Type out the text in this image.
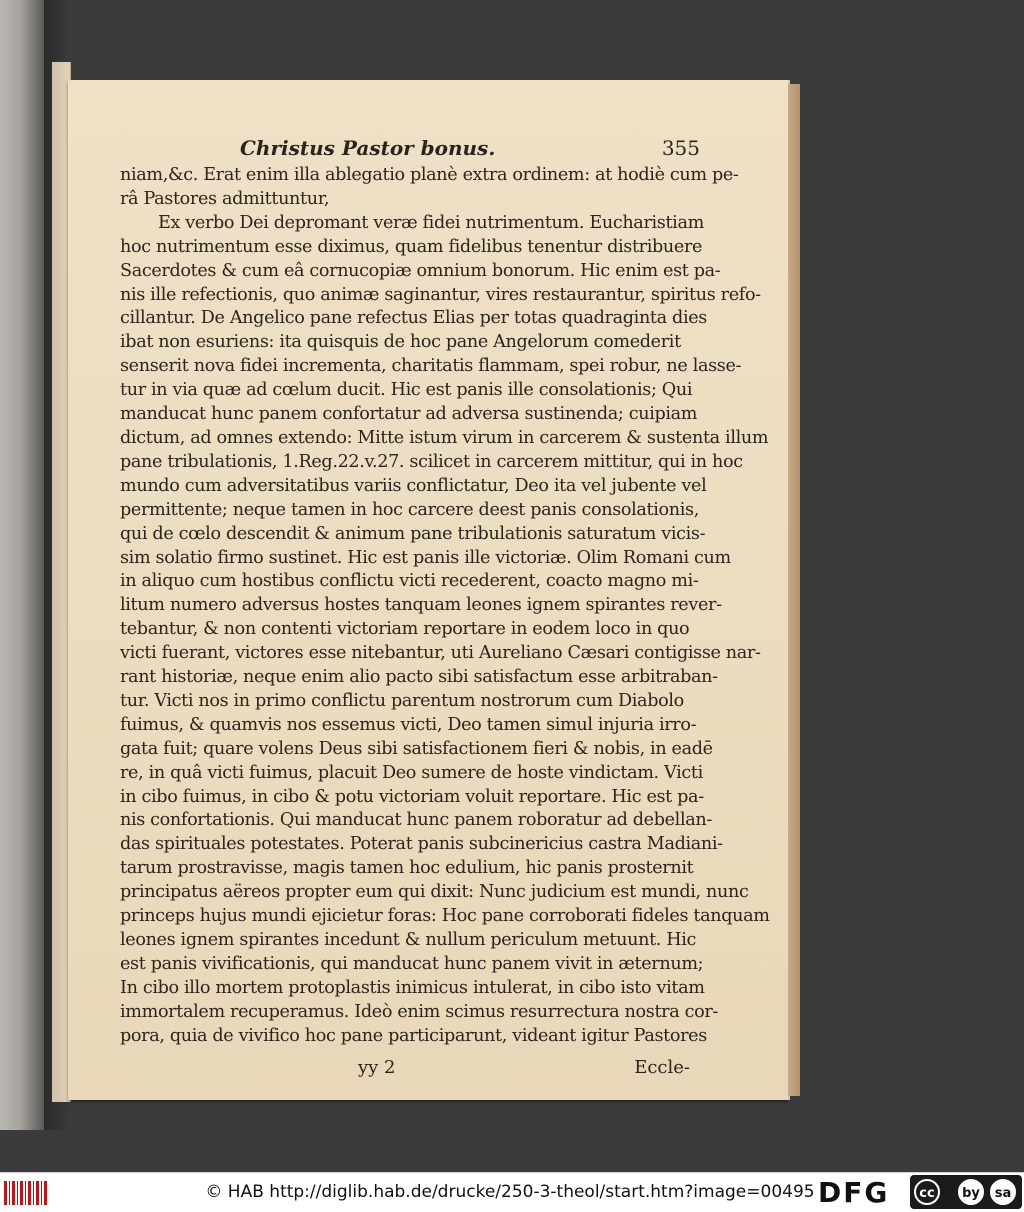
Christus Pastor bonus.	355
niam,&c. Erat enim illa ablegatio planè extra ordinem: at hodiè cum pe-
râ Pastores admittuntur,
Ex verbo Dei depromant veræ fidei nutrimentum. Eucharistiam
hoc nutrimentum esse diximus, quam fidelibus tenentur distribuere
Sacerdotes & cum eâ cornucopiæ omnium bonorum. Hic enim est pa-
nis ille refectionis, quo animæ saginantur, vires restaurantur, spiritus refo-
cillantur. De Angelico pane refectus Elias per totas quadraginta dies
ibat non esuriens: ita quisquis de hoc pane Angelorum comederit
senserit nova fidei incrementa, charitatis flammam, spei robur, ne lasse-
tur in via quæ ad cœlum ducit. Hic est panis ille consolationis; Qui
manducat hunc panem confortatur ad adversa sustinenda; cuipiam
dictum, ad omnes extendo: Mitte istum virum in carcerem & sustenta illum
pane tribulationis, 1.Reg.22.v.27. scilicet in carcerem mittitur, qui in hoc
mundo cum adversitatibus variis conflictatur, Deo ita vel jubente vel
permittente; neque tamen in hoc carcere deest panis consolationis,
qui de cœlo descendit & animum pane tribulationis saturatum vicis-
sim solatio firmo sustinet. Hic est panis ille victoriæ. Olim Romani cum
in aliquo cum hostibus conflictu victi recederent, coacto magno mi-
litum numero adversus hostes tanquam leones ignem spirantes rever-
tebantur, & non contenti victoriam reportare in eodem loco in quo
victi fuerant, victores esse nitebantur, uti Aureliano Cæsari contigisse nar-
rant historiæ, neque enim alio pacto sibi satisfactum esse arbitraban-
tur. Victi nos in primo conflictu parentum nostrorum cum Diabolo
fuimus, & quamvis nos essemus victi, Deo tamen simul injuria irro-
gata fuit; quare volens Deus sibi satisfactionem fieri & nobis, in eadē
re, in quâ victi fuimus, placuit Deo sumere de hoste vindictam. Victi
in cibo fuimus, in cibo & potu victoriam voluit reportare. Hic est pa-
nis confortationis. Qui manducat hunc panem roboratur ad debellan-
das spirituales potestates. Poterat panis subcinericius castra Madiani-
tarum prostravisse, magis tamen hoc edulium, hic panis prosternit
principatus aëreos propter eum qui dixit: Nunc judicium est mundi, nunc
princeps hujus mundi ejicietur foras: Hoc pane corroborati fideles tanquam
leones ignem spirantes incedunt & nullum periculum metuunt. Hic
est panis vivificationis, qui manducat hunc panem vivit in æternum;
In cibo illo mortem protoplastis inimicus intulerat, in cibo isto vitam
immortalem recuperamus. Ideò enim scimus resurrectura nostra cor-
pora, quia de vivifico hoc pane participarunt, videant igitur Pastores
yy 2	Eccle-
© HAB http://diglib.hab.de/drucke/250-3-theol/start.htm?image=00495 DFG	cc	by	sa
